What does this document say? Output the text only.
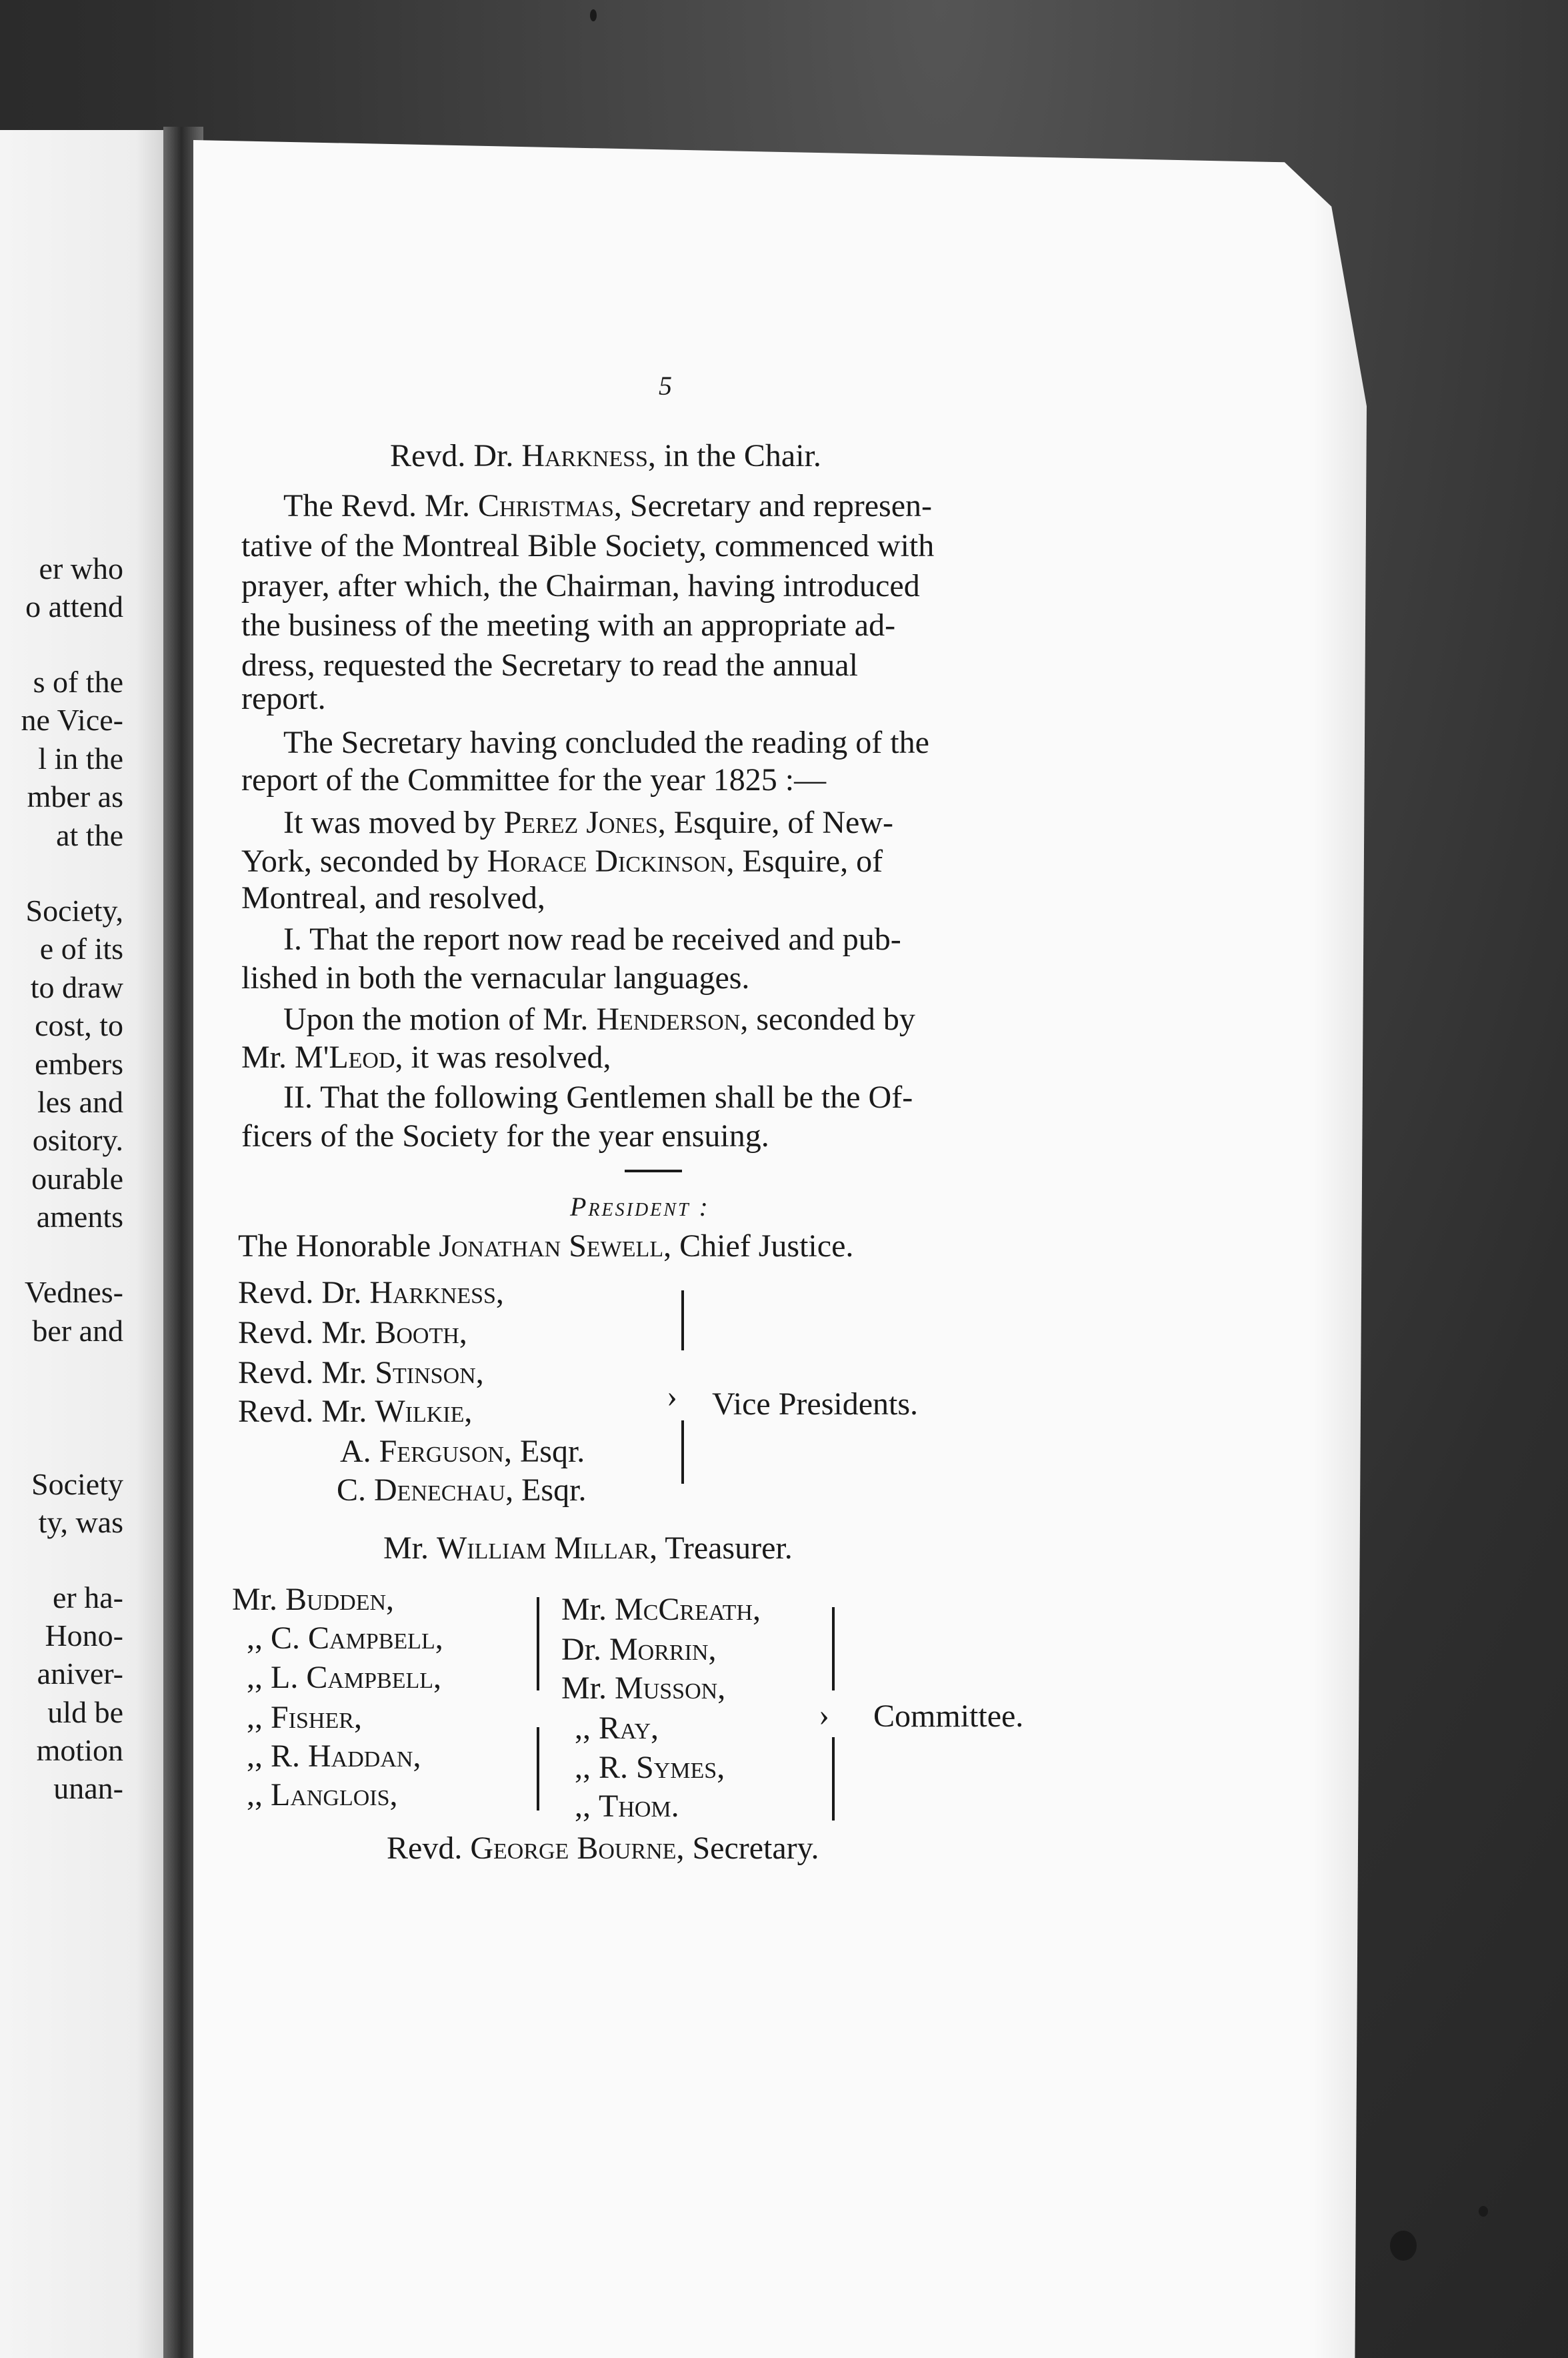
er who
o attend
s of the
ne Vice-
l in the
mber as
at the
Society,
e of its
to draw
cost, to
embers
les and
ository.
ourable
aments
Vednes-
ber and
Society
ty, was
er ha-
Hono-
aniver-
uld be
motion
unan-
5
Revd. Dr. Harkness, in the Chair.
The Revd. Mr. Christmas, Secretary and represen-
tative of the Montreal Bible Society, commenced with
prayer, after which, the Chairman, having introduced
the business of the meeting with an appropriate ad-
dress, requested the Secretary to read the annual
report.
The Secretary having concluded the reading of the
report of the Committee for the year 1825 :—
It was moved by Perez Jones, Esquire, of New-
York, seconded by Horace Dickinson, Esquire, of
Montreal, and resolved,
I. That the report now read be received and pub-
lished in both the vernacular languages.
Upon the motion of Mr. Henderson, seconded by
Mr. M'Leod, it was resolved,
II. That the following Gentlemen shall be the Of-
ficers of the Society for the year ensuing.
President :
The Honorable Jonathan Sewell, Chief Justice.
Revd. Dr. Harkness,
Revd. Mr. Booth,
Revd. Mr. Stinson,
Revd. Mr. Wilkie,
A. Ferguson, Esqr.
C. Denechau, Esqr.
› Vice Presidents.
Mr. William Millar, Treasurer.
Mr. Budden,
,, C. Campbell,
,, L. Campbell,
,, Fisher,
,, R. Haddan,
,, Langlois,
Mr. McCreath,
Dr. Morrin,
Mr. Musson,
,, Ray,
,, R. Symes,
,, Thom.
› Committee.
Revd. George Bourne, Secretary.
